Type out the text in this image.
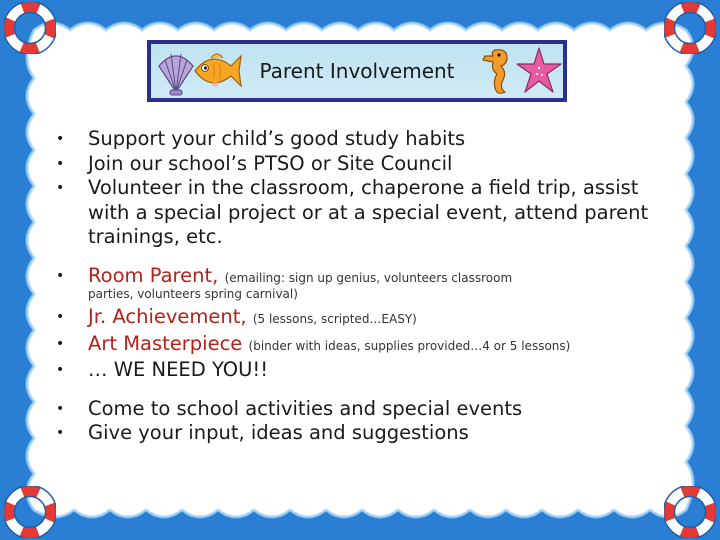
Parent Involvement
•	Support your child’s good study habits
•	Join our school’s PTSO or Site Council
•	Volunteer in the classroom, chaperone a field trip, assist with a special project or at a special event, attend parent trainings, etc.
•	Room Parent, (emailing: sign up genius, volunteers classroom
parties, volunteers spring carnival)
•	Jr. Achievement, (5 lessons, scripted…EASY)
•	Art Masterpiece (binder with ideas, supplies provided…4 or 5 lessons)
•	… WE NEED YOU!!
•	Come to school activities and special events
•	Give your input, ideas and suggestions
